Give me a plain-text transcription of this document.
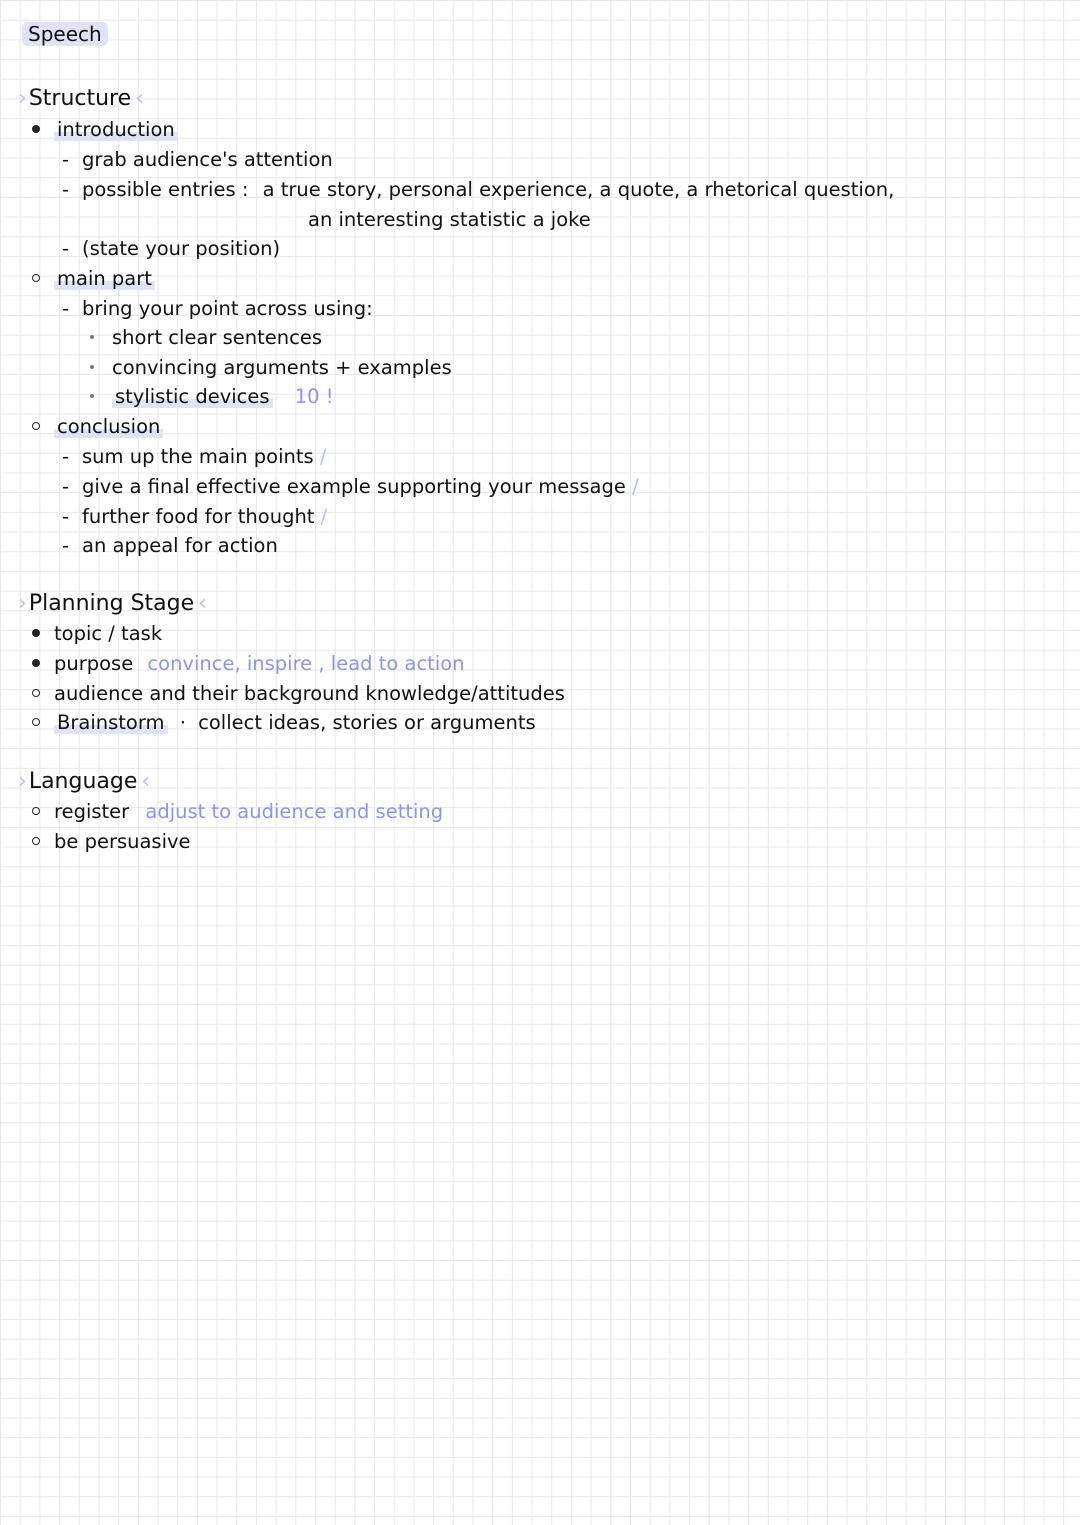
Speech
› Structure ‹
introduction
- grab audience's attention
- possible entries : a true story, personal experience, a quote, a rhetorical question,
an interesting statistic a joke
- (state your position)
main part
- bring your point across using:
short clear sentences
convincing arguments + examples
stylistic devices 10 !
conclusion
- sum up the main points /
- give a final effective example supporting your message /
- further food for thought /
- an appeal for action
› Planning Stage ‹
topic / task
purpose convince, inspire , lead to action
audience and their background knowledge/attitudes
Brainstorm · collect ideas, stories or arguments
› Language ‹
register adjust to audience and setting
be persuasive
